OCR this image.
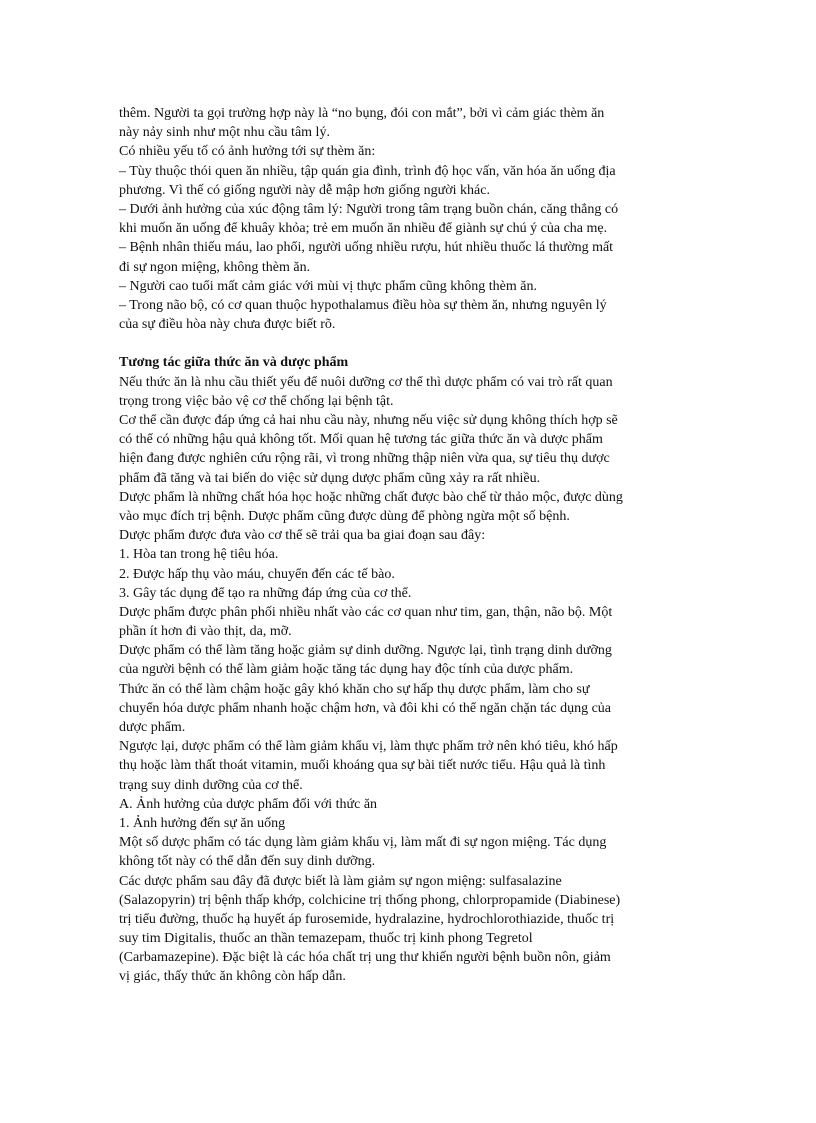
thêm. Người ta gọi trường hợp này là “no bụng, đói con mắt”, bởi vì cảm giác thèm ăn
này nảy sinh như một nhu cầu tâm lý.
Có nhiều yếu tố có ảnh hưởng tới sự thèm ăn:
– Tùy thuộc thói quen ăn nhiều, tập quán gia đình, trình độ học vấn, văn hóa ăn uống địa
phương. Vì thế có giống người này dễ mập hơn giống người khác.
– Dưới ảnh hưởng của xúc động tâm lý: Người trong tâm trạng buồn chán, căng thẳng có
khi muốn ăn uống để khuây khỏa; trẻ em muốn ăn nhiều để giành sự chú ý của cha mẹ.
– Bệnh nhân thiếu máu, lao phổi, người uống nhiều rượu, hút nhiều thuốc lá thường mất
đi sự ngon miệng, không thèm ăn.
– Người cao tuổi mất cảm giác với mùi vị thực phẩm cũng không thèm ăn.
– Trong não bộ, có cơ quan thuộc hypothalamus điều hòa sự thèm ăn, nhưng nguyên lý
của sự điều hòa này chưa được biết rõ.
Tương tác giữa thức ăn và dược phẩm
Nếu thức ăn là nhu cầu thiết yếu để nuôi dưỡng cơ thể thì dược phẩm có vai trò rất quan
trọng trong việc bảo vệ cơ thể chống lại bệnh tật.
Cơ thể cần được đáp ứng cả hai nhu cầu này, nhưng nếu việc sử dụng không thích hợp sẽ
có thể có những hậu quả không tốt. Mối quan hệ tương tác giữa thức ăn và dược phẩm
hiện đang được nghiên cứu rộng rãi, vì trong những thập niên vừa qua, sự tiêu thụ dược
phẩm đã tăng và tai biến do việc sử dụng dược phẩm cũng xảy ra rất nhiều.
Dược phẩm là những chất hóa học hoặc những chất được bào chế từ thảo mộc, được dùng
vào mục đích trị bệnh. Dược phẩm cũng được dùng để phòng ngừa một số bệnh.
Dược phẩm được đưa vào cơ thể sẽ trải qua ba giai đoạn sau đây:
1. Hòa tan trong hệ tiêu hóa.
2. Được hấp thụ vào máu, chuyển đến các tế bào.
3. Gây tác dụng để tạo ra những đáp ứng của cơ thể.
Dược phẩm được phân phối nhiều nhất vào các cơ quan như tim, gan, thận, não bộ. Một
phần ít hơn đi vào thịt, da, mỡ.
Dược phẩm có thể làm tăng hoặc giảm sự dinh dưỡng. Ngược lại, tình trạng dinh dưỡng
của người bệnh có thể làm giảm hoặc tăng tác dụng hay độc tính của dược phẩm.
Thức ăn có thể làm chậm hoặc gây khó khăn cho sự hấp thụ dược phẩm, làm cho sự
chuyển hóa dược phẩm nhanh hoặc chậm hơn, và đôi khi có thể ngăn chặn tác dụng của
dược phẩm.
Ngược lại, dược phẩm có thể làm giảm khẩu vị, làm thực phẩm trở nên khó tiêu, khó hấp
thụ hoặc làm thất thoát vitamin, muối khoáng qua sự bài tiết nước tiểu. Hậu quả là tình
trạng suy dinh dưỡng của cơ thể.
A. Ảnh hưởng của dược phẩm đối với thức ăn
1. Ảnh hưởng đến sự ăn uống
Một số dược phẩm có tác dụng làm giảm khẩu vị, làm mất đi sự ngon miệng. Tác dụng
không tốt này có thể dẫn đến suy dinh dưỡng.
Các dược phẩm sau đây đã được biết là làm giảm sự ngon miệng: sulfasalazine
(Salazopyrin) trị bệnh thấp khớp, colchicine trị thống phong, chlorpropamide (Diabinese)
trị tiểu đường, thuốc hạ huyết áp furosemide, hydralazine, hydrochlorothiazide, thuốc trị
suy tim Digitalis, thuốc an thần temazepam, thuốc trị kinh phong Tegretol
(Carbamazepine). Đặc biệt là các hóa chất trị ung thư khiến người bệnh buồn nôn, giảm
vị giác, thấy thức ăn không còn hấp dẫn.
